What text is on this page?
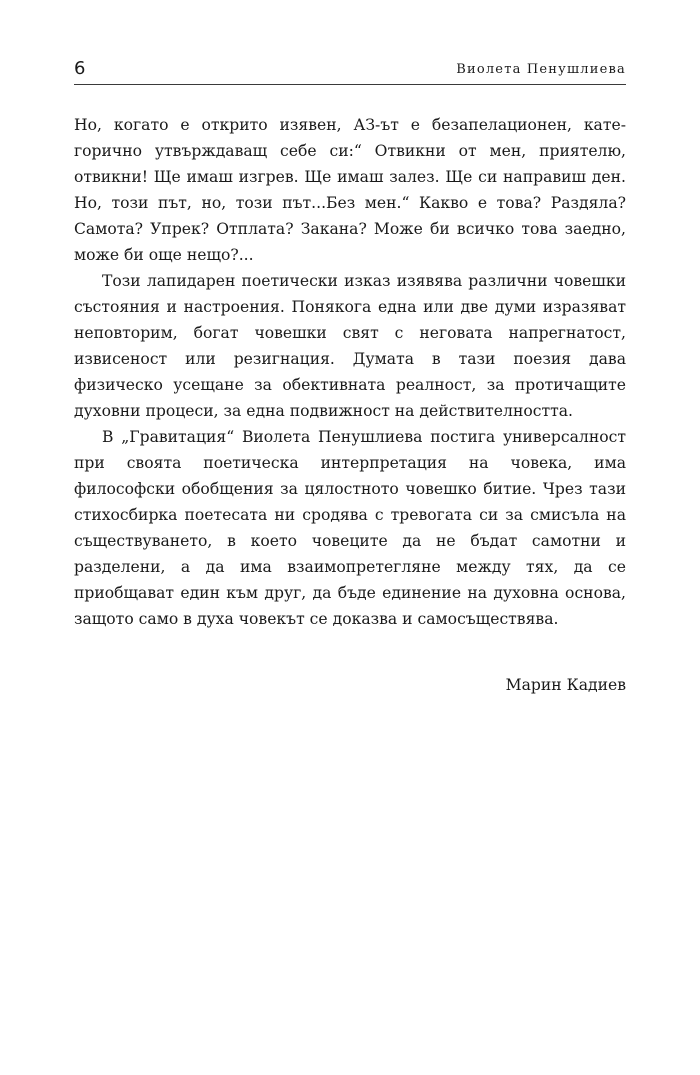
6	Виолета Пенушлиева

Но, когато е открито изявен, АЗ-ът е безапелационен, категорично утвърждаващ себе си:“ Отвикни от мен, приятелю, отвикни! Ще имаш изгрев. Ще имаш залез. Ще си направиш ден. Но, този път, но, този път...Без мен.“ Какво е това? Раздяла? Самота? Упрек? Отплата? Закана? Може би всичко това заедно, може би още нещо?...

Този лапидарен поетически изказ изявява различни човешки състояния и настроения. Понякога една или две думи изразяват неповторим, богат човешки свят с неговата напрегнатост, извисеност или резигнация. Думата в тази поезия дава физическо усещане за обективната реалност, за протичащите духовни процеси, за една подвижност на действителността.

В „Гравитация“ Виолета Пенушлиева постига универсалност при своята поетическа интерпретация на човека, има философски обобщения за цялостното човешко битие. Чрез тази стихосбирка поетесата ни сродява с тревогата си за смисъла на съществуването, в което човеците да не бъдат самотни и разделени, а да има взаимопретегляне между тях, да се приобщават един към друг, да бъде единение на духовна основа, защото само в духа човекът се доказва и самосъществява.

Марин Кадиев
